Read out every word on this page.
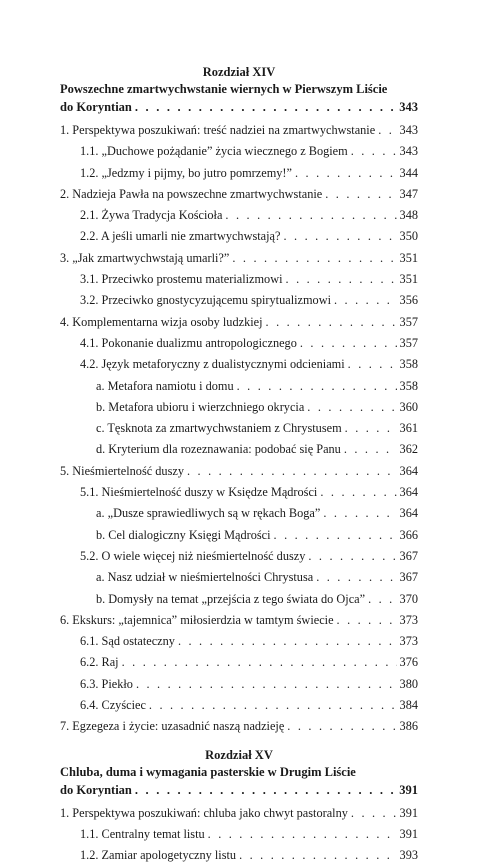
Rozdział XIV
Powszechne zmartwychwstanie wiernych w Pierwszym Liście
do Koryntian . . .	343
1. Perspektywa poszukiwań: treść nadziei na zmartwychwstanie . . . 343
1.1. „Duchowe pożądanie” życia wiecznego z Bogiem . . .	343
1.2. „Jedzmy i pijmy, bo jutro pomrzemy!” . . .	344
2. Nadzieja Pawła na powszechne zmartwychwstanie . . .	347
2.1. Żywa Tradycja Kościoła . . .	348
2.2. A jeśli umarli nie zmartwychwstają? . . .	350
3. „Jak zmartwychwstają umarli?” . . .	351
3.1. Przeciwko prostemu materializmowi . . .	351
3.2. Przeciwko gnostycyzującemu spirytualizmowi . . .	356
4. Komplementarna wizja osoby ludzkiej . . .	357
4.1. Pokonanie dualizmu antropologicznego . . .	357
4.2. Język metaforyczny z dualistycznymi odcieniami . . .	358
a. Metafora namiotu i domu . . .	358
b. Metafora ubioru i wierzchniego okrycia . . .	360
c. Tęsknota za zmartwychwstaniem z Chrystusem . . .	361
d. Kryterium dla rozeznawania: podobać się Panu . . .	362
5. Nieśmiertelność duszy . . .	364
5.1. Nieśmiertelność duszy w Księdze Mądrości . . .	364
a. „Dusze sprawiedliwych są w rękach Boga” . . .	364
b. Cel dialogiczny Księgi Mądrości . . .	366
5.2. O wiele więcej niż nieśmiertelność duszy . . .	367
a. Nasz udział w nieśmiertelności Chrystusa . . .	367
b. Domysły na temat „przejścia z tego świata do Ojca” . . .	370
6. Ekskurs: „tajemnica” miłosierdzia w tamtym świecie . . .	373
6.1. Sąd ostateczny . . .	373
6.2. Raj . . .	376
6.3. Piekło . . .	380
6.4. Czyściec . . .	384
7. Egzegeza i życie: uzasadnić naszą nadzieję . . .	386
Rozdział XV
Chluba, duma i wymagania pasterskie w Drugim Liście
do Koryntian . . .	391
1. Perspektywa poszukiwań: chluba jako chwyt pastoralny . . .	391
1.1. Centralny temat listu . . .	391
1.2. Zamiar apologetyczny listu . . .	393
